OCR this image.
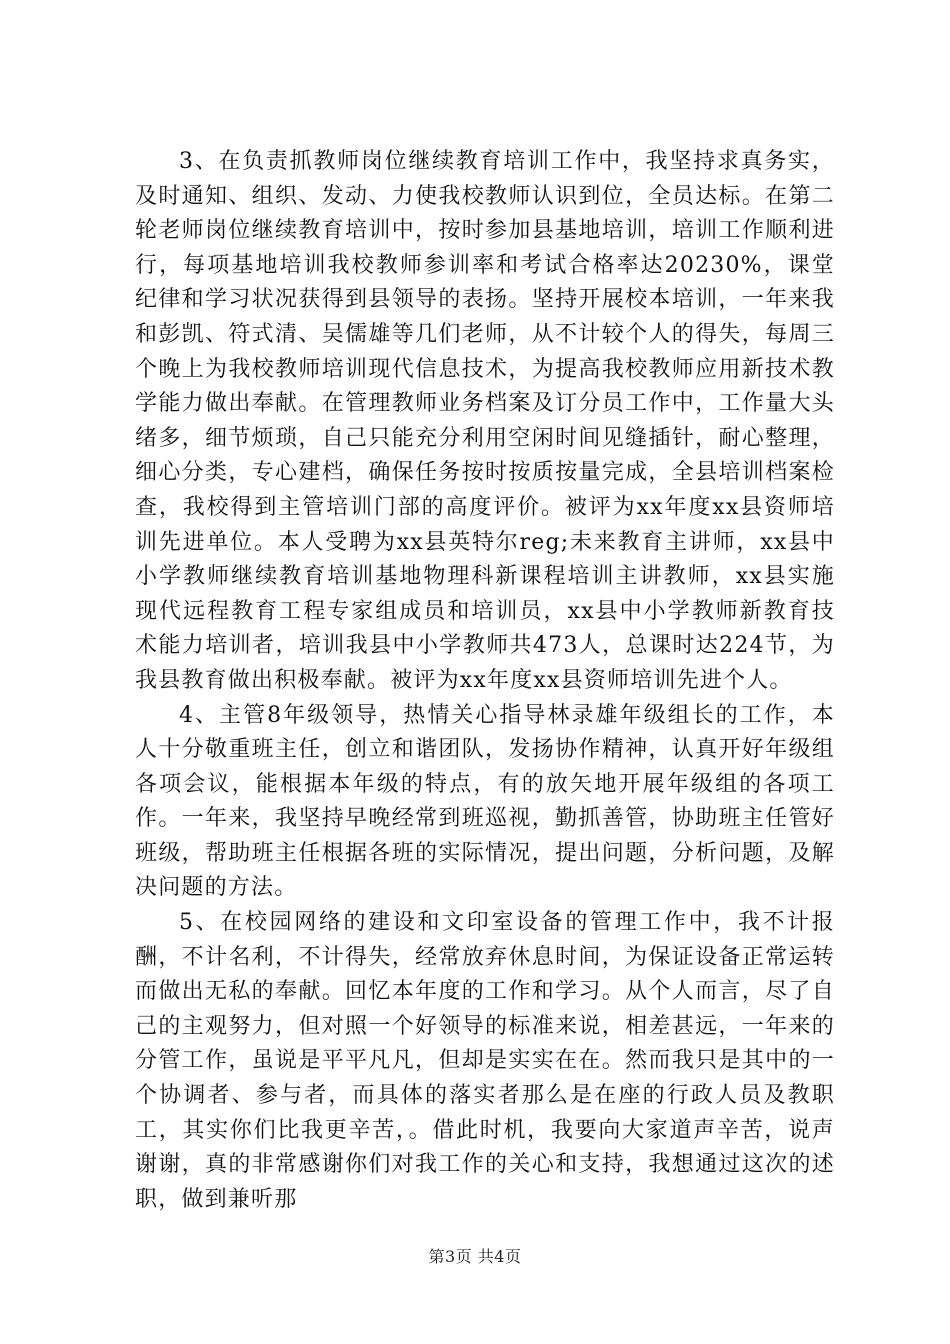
3、在负责抓教师岗位继续教育培训工作中，我坚持求真务实，及时通知、组织、发动、力使我校教师认识到位，全员达标。在第二轮老师岗位继续教育培训中，按时参加县基地培训，培训工作顺利进行，每项基地培训我校教师参训率和考试合格率达20230%，课堂纪律和学习状况获得到县领导的表扬。坚持开展校本培训，一年来我和彭凯、符式清、吴儒雄等几们老师，从不计较个人的得失，每周三个晚上为我校教师培训现代信息技术，为提高我校教师应用新技术教学能力做出奉献。在管理教师业务档案及订分员工作中，工作量大头绪多，细节烦琐，自己只能充分利用空闲时间见缝插针，耐心整理，细心分类，专心建档，确保任务按时按质按量完成，全县培训档案检查，我校得到主管培训门部的高度评价。被评为xx年度xx县资师培训先进单位。本人受聘为xx县英特尔reg;未来教育主讲师，xx县中小学教师继续教育培训基地物理科新课程培训主讲教师，xx县实施现代远程教育工程专家组成员和培训员，xx县中小学教师新教育技术能力培训者，培训我县中小学教师共473人，总课时达224节，为我县教育做出积极奉献。被评为xx年度xx县资师培训先进个人。

4、主管8年级领导，热情关心指导林录雄年级组长的工作，本人十分敬重班主任，创立和谐团队，发扬协作精神，认真开好年级组各项会议，能根据本年级的特点，有的放矢地开展年级组的各项工作。一年来，我坚持早晚经常到班巡视，勤抓善管，协助班主任管好班级，帮助班主任根据各班的实际情况，提出问题，分析问题，及解决问题的方法。

5、在校园网络的建设和文印室设备的管理工作中，我不计报酬，不计名利，不计得失，经常放弃休息时间，为保证设备正常运转而做出无私的奉献。回忆本年度的工作和学习。从个人而言，尽了自己的主观努力，但对照一个好领导的标准来说，相差甚远，一年来的分管工作，虽说是平平凡凡，但却是实实在在。然而我只是其中的一个协调者、参与者，而具体的落实者那么是在座的行政人员及教职工，其实你们比我更辛苦，。借此时机，我要向大家道声辛苦，说声谢谢，真的非常感谢你们对我工作的关心和支持，我想通过这次的述职，做到兼听那

第3页 共4页
